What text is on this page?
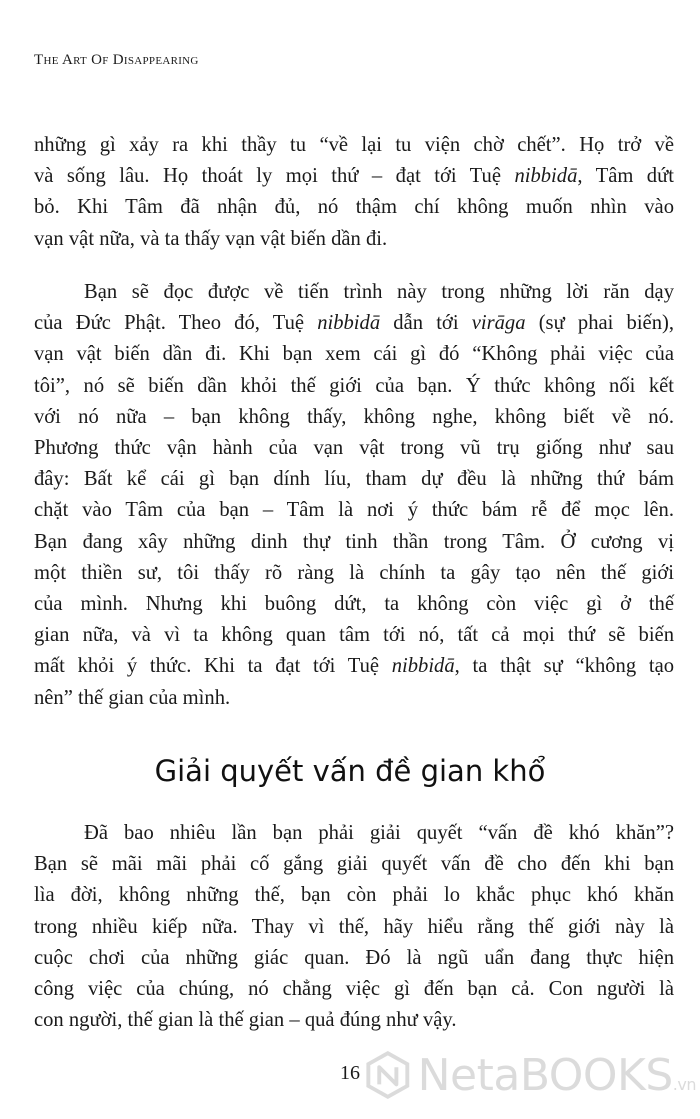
The Art Of Disappearing
những gì xảy ra khi thầy tu “về lại tu viện chờ chết”. Họ trở về
và sống lâu. Họ thoát ly mọi thứ – đạt tới Tuệ nibbidā, Tâm dứt
bỏ. Khi Tâm đã nhận đủ, nó thậm chí không muốn nhìn vào
vạn vật nữa, và ta thấy vạn vật biến dần đi.
Bạn sẽ đọc được về tiến trình này trong những lời răn dạy
của Đức Phật. Theo đó, Tuệ nibbidā dẫn tới virāga (sự phai biến),
vạn vật biến dần đi. Khi bạn xem cái gì đó “Không phải việc của
tôi”, nó sẽ biến dần khỏi thế giới của bạn. Ý thức không nối kết
với nó nữa – bạn không thấy, không nghe, không biết về nó.
Phương thức vận hành của vạn vật trong vũ trụ giống như sau
đây: Bất kể cái gì bạn dính líu, tham dự đều là những thứ bám
chặt vào Tâm của bạn – Tâm là nơi ý thức bám rễ để mọc lên.
Bạn đang xây những dinh thự tinh thần trong Tâm. Ở cương vị
một thiền sư, tôi thấy rõ ràng là chính ta gây tạo nên thế giới
của mình. Nhưng khi buông dứt, ta không còn việc gì ở thế
gian nữa, và vì ta không quan tâm tới nó, tất cả mọi thứ sẽ biến
mất khỏi ý thức. Khi ta đạt tới Tuệ nibbidā, ta thật sự “không tạo
nên” thế gian của mình.
Giải quyết vấn đề gian khổ
Đã bao nhiêu lần bạn phải giải quyết “vấn đề khó khăn”?
Bạn sẽ mãi mãi phải cố gắng giải quyết vấn đề cho đến khi bạn
lìa đời, không những thế, bạn còn phải lo khắc phục khó khăn
trong nhiều kiếp nữa. Thay vì thế, hãy hiểu rằng thế giới này là
cuộc chơi của những giác quan. Đó là ngũ uẩn đang thực hiện
công việc của chúng, nó chẳng việc gì đến bạn cả. Con người là
con người, thế gian là thế gian – quả đúng như vậy.
16	NetaBOOKS.vn
